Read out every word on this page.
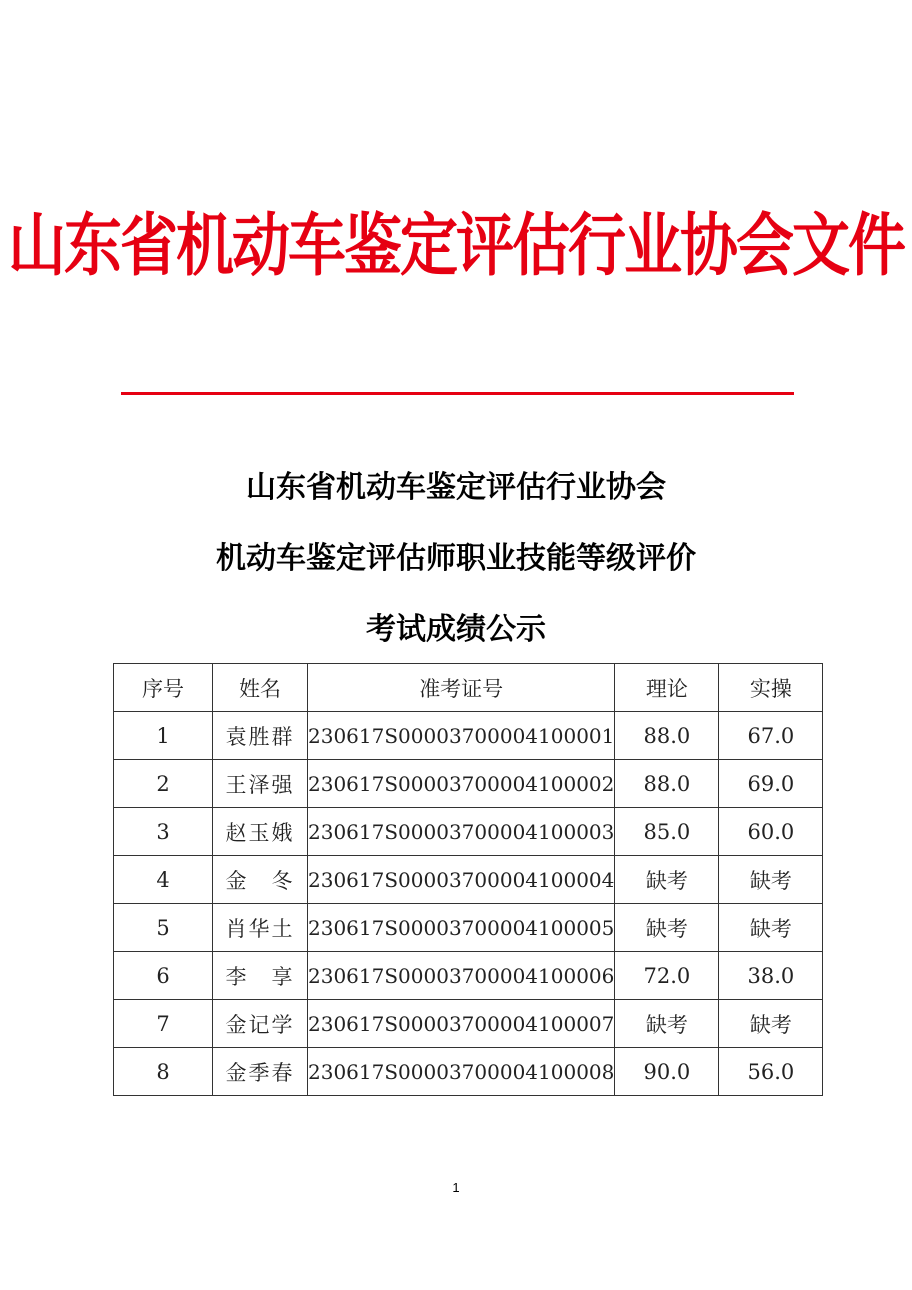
山东省机动车鉴定评估行业协会文件
山东省机动车鉴定评估行业协会
机动车鉴定评估师职业技能等级评价
考试成绩公示
序号	姓名	准考证号	理论	实操
1	袁胜群	230617S00003700004100001	88.0	67.0
2	王泽强	230617S00003700004100002	88.0	69.0
3	赵玉娥	230617S00003700004100003	85.0	60.0
4	金　冬	230617S00003700004100004	缺考	缺考
5	肖华土	230617S00003700004100005	缺考	缺考
6	李　享	230617S00003700004100006	72.0	38.0
7	金记学	230617S00003700004100007	缺考	缺考
8	金季春	230617S00003700004100008	90.0	56.0
1
